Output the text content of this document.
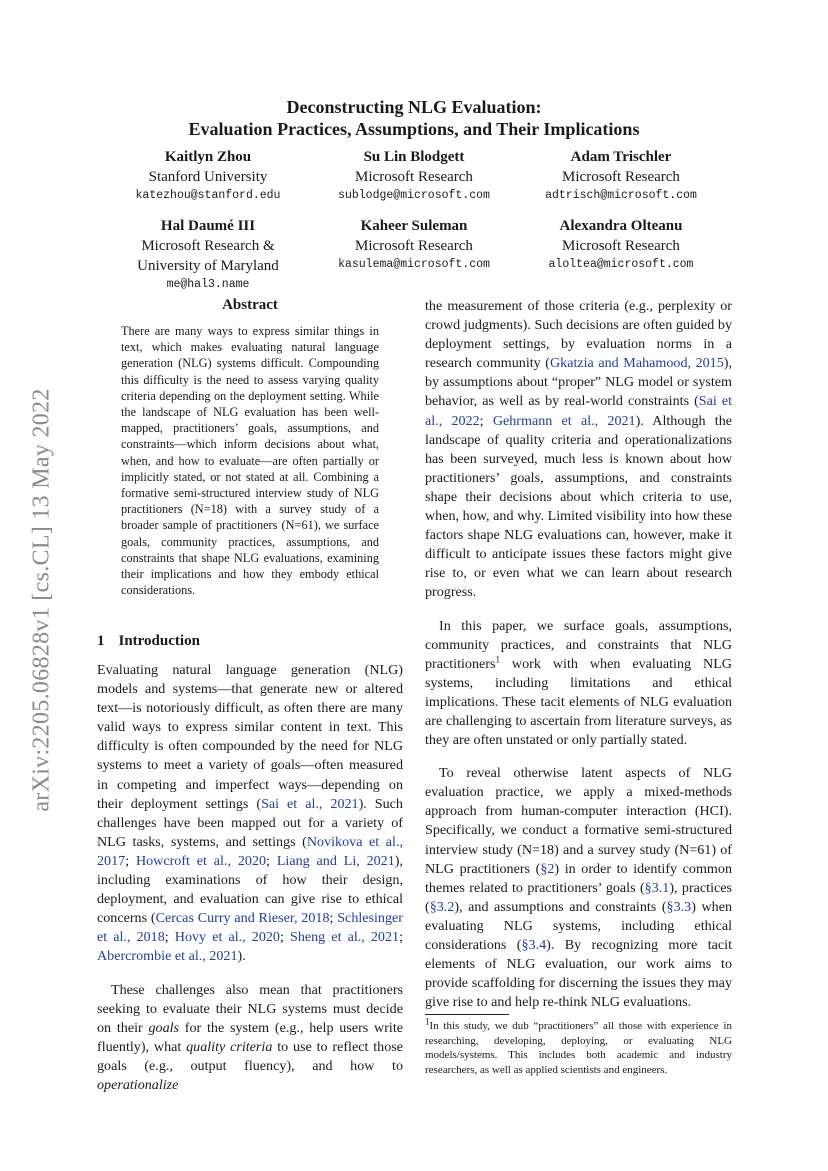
arXiv:2205.06828v1 [cs.CL] 13 May 2022
Deconstructing NLG Evaluation:
Evaluation Practices, Assumptions, and Their Implications
Kaitlyn Zhou
Stanford University
katezhou@stanford.edu
Su Lin Blodgett
Microsoft Research
sublodge@microsoft.com
Adam Trischler
Microsoft Research
adtrisch@microsoft.com
Hal Daumé III
Microsoft Research &
University of Maryland
me@hal3.name
Kaheer Suleman
Microsoft Research
kasulema@microsoft.com
Alexandra Olteanu
Microsoft Research
aloltea@microsoft.com
Abstract
There are many ways to express similar things in text, which makes evaluating natural language generation (NLG) systems difficult. Compounding this difficulty is the need to assess varying quality criteria depending on the deployment setting. While the landscape of NLG evaluation has been well-mapped, practitioners’ goals, assumptions, and constraints—which inform decisions about what, when, and how to evaluate—are often partially or implicitly stated, or not stated at all. Combining a formative semi-structured interview study of NLG practitioners (N=18) with a survey study of a broader sample of practitioners (N=61), we surface goals, community practices, assumptions, and constraints that shape NLG evaluations, examining their implications and how they embody ethical considerations.
1 Introduction

Evaluating natural language generation (NLG) models and systems—that generate new or altered text—is notoriously difficult, as often there are many valid ways to express similar content in text. This difficulty is often compounded by the need for NLG systems to meet a variety of goals—often measured in competing and imperfect ways—depending on their deployment settings (Sai et al., 2021). Such challenges have been mapped out for a variety of NLG tasks, systems, and settings (Novikova et al., 2017; Howcroft et al., 2020; Liang and Li, 2021), including examinations of how their design, deployment, and evaluation can give rise to ethical concerns (Cercas Curry and Rieser, 2018; Schlesinger et al., 2018; Hovy et al., 2020; Sheng et al., 2021; Abercrombie et al., 2021).

These challenges also mean that practitioners seeking to evaluate their NLG systems must decide on their goals for the system (e.g., help users write fluently), what quality criteria to use to reflect those goals (e.g., output fluency), and how to operationalize

the measurement of those criteria (e.g., perplexity or crowd judgments). Such decisions are often guided by deployment settings, by evaluation norms in a research community (Gkatzia and Mahamood, 2015), by assumptions about “proper” NLG model or system behavior, as well as by real-world constraints (Sai et al., 2022; Gehrmann et al., 2021). Although the landscape of quality criteria and operationalizations has been surveyed, much less is known about how practitioners’ goals, assumptions, and constraints shape their decisions about which criteria to use, when, how, and why. Limited visibility into how these factors shape NLG evaluations can, however, make it difficult to anticipate issues these factors might give rise to, or even what we can learn about research progress.

In this paper, we surface goals, assumptions, community practices, and constraints that NLG practitioners$^1$ work with when evaluating NLG systems, including limitations and ethical implications. These tacit elements of NLG evaluation are challenging to ascertain from literature surveys, as they are often unstated or only partially stated.

To reveal otherwise latent aspects of NLG evaluation practice, we apply a mixed-methods approach from human-computer interaction (HCI). Specifically, we conduct a formative semi-structured interview study (N=18) and a survey study (N=61) of NLG practitioners (§2) in order to identify common themes related to practitioners’ goals (§3.1), practices (§3.2), and assumptions and constraints (§3.3) when evaluating NLG systems, including ethical considerations (§3.4). By recognizing more tacit elements of NLG evaluation, our work aims to provide scaffolding for discerning the issues they may give rise to and help re-think NLG evaluations.

$^1$In this study, we dub “practitioners” all those with experience in researching, developing, deploying, or evaluating NLG models/systems. This includes both academic and industry researchers, as well as applied scientists and engineers.
